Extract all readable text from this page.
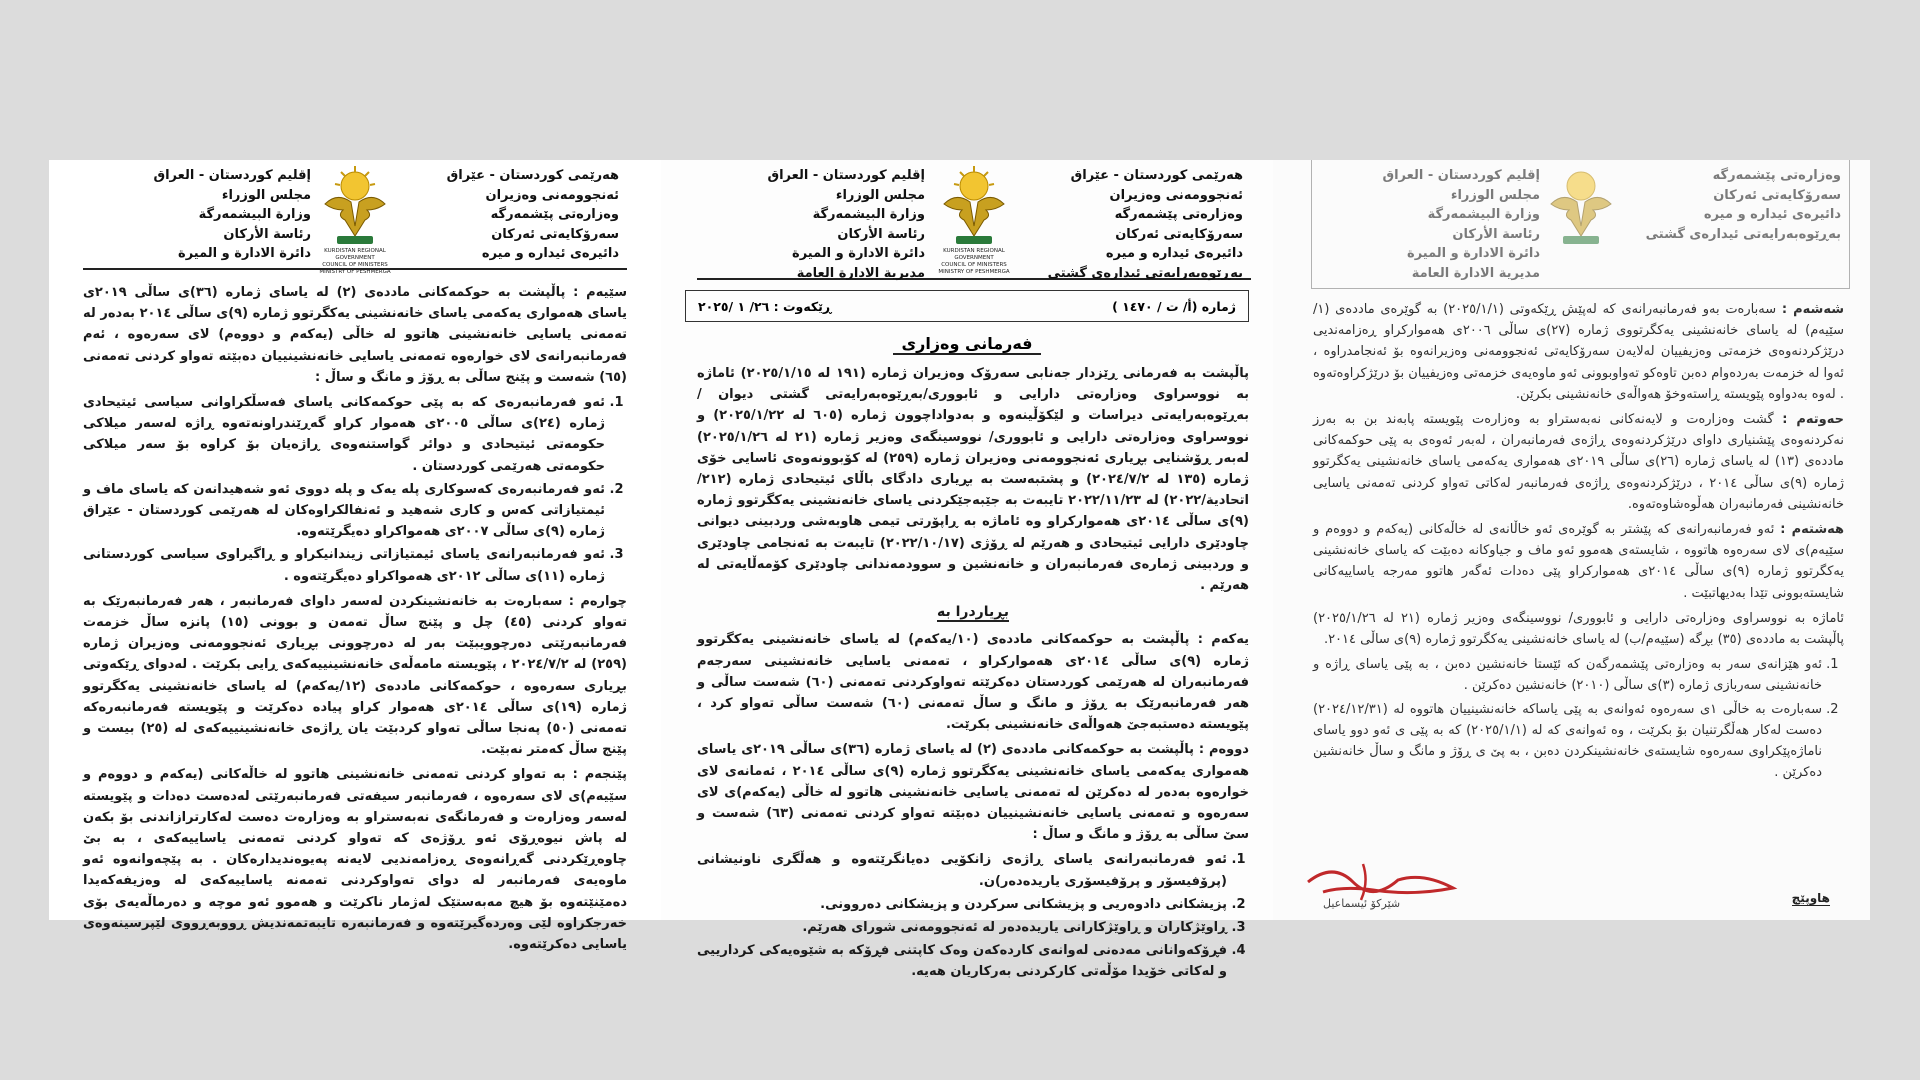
هەرێمی کوردستان - عێراق
ئەنجوومەنی وەزیران
وەزارەتی پێشمەرگە
سەرۆکایەتی ئەرکان
دائیرەی ئیدارە و میرە
KURDISTAN REGIONAL GOVERNMENT
COUNCIL OF MINISTERS
MINISTRY OF PESHMERGA
إقليم كوردستان - العراق
مجلس الوزراء
وزارة البيشمەرگة
رئاسة الأركان
دائرة الادارة و الميرة

سێیەم : پاڵپشت بە حوکمەکانی ماددەی (٢) لە یاسای ژمارە (٣٦)ی ساڵی ٢٠١٩ی یاسای هەمواری یەکەمی یاسای خانەنشینی یەکگرتوو ژمارە (٩)ی ساڵی ٢٠١٤ بەدەر لە تەمەنی یاسایی خانەنشینی هاتوو لە خاڵی (یەکەم و دووەم) لای سەرەوە ، ئەم فەرمانبەرانەی لای خوارەوە تەمەنی یاسایی خانەنشینییان دەبێتە تەواو کردنی تەمەنی (٦٥) شەست و پێنج ساڵی بە ڕۆژ و مانگ و ساڵ :

1. ئەو فەرمانبەرەی کە بە پێی حوکمەکانی یاسای فەسڵکراوانی سیاسی ئیتیحادی ژمارە (٢٤)ی ساڵی ٢٠٠٥ی هەموار کراو گەڕێندراونەتەوە ڕاژە لەسەر میلاکی حکومەتی ئیتیحادی و دوائر گواستنەوەی ڕاژەیان بۆ کراوە بۆ سەر میلاکی حکومەتی هەرێمی کوردستان .
2. ئەو فەرمانبەرەی کەسوکاری پلە یەک و پلە دووی ئەو شەهیدانەن کە یاسای ماف و ئیمتیازاتی کەس و کاری شەهید و ئەنفالکراوەکان لە هەرێمی کوردستان - عێراق ژمارە (٩)ی ساڵی ٢٠٠٧ی هەمواکراو دەیگرێتەوە.
3. ئەو فەرمانبەرانەی یاسای ئیمتیازاتی زیندانیکراو و ڕاگیراوی سیاسی کوردستانی ژمارە (١١)ی ساڵی ٢٠١٢ی هەمواکراو دەیگرێتەوە .

چوارەم : سەبارەت بە خانەنشینکردن لەسەر داوای فەرمانبەر ، هەر فەرمانبەرێک بە تەواو کردنی (٤٥) چل و پێنج ساڵ تەمەن و بوونی (١٥) پانزە ساڵ خزمەت فەرمانبەرێتی دەرچوویبێت بەر لە دەرچوونی بڕیاری ئەنجوومەنی وەزیران ژمارە (٢٥٩) لە ٢٠٢٤/٧/٢ ، پێویستە مامەڵەی خانەنشینییەکەی ڕایی بکرێت . لەدوای ڕێکەوتی بڕیاری سەرەوە ، حوکمەکانی ماددەی (١٢/یەکەم) لە یاسای خانەنشینی یەکگرتوو ژمارە (١٩)ی ساڵی ٢٠١٤ی هەموار کراو پیادە دەکرێت و پێویستە فەرمانبەرەکە تەمەنی (٥٠) پەنجا ساڵی تەواو کردبێت یان ڕاژەی خانەنشینییەکەی لە (٢٥) بیست و پێنج ساڵ کەمتر نەبێت.

پێنجەم : بە تەواو کردنی تەمەنی خانەنشینی هاتوو لە خاڵەکانی (یەکەم و دووەم و سێیەم)ی لای سەرەوە ، فەرمانبەر سیفەتی فەرمانبەرێتی لەدەست دەدات و پێویستە لەسەر وەزارەت و فەرمانگەی نەبەستراو بە وەزارەت دەست لەکارترازاندنی بۆ بکەن لە پاش نیوەڕۆی ئەو ڕۆژەی کە تەواو کردنی تەمەنی یاساییەکەی ، بە بێ چاوەڕێکردنی گەڕانەوەی ڕەزامەندیی لایەنە پەیوەندیدارەکان . بە پێچەوانەوە ئەو ماوەیەی فەرمانبەر لە دوای تەواوکردنی تەمەنە یاساییەکەی لە وەزیفەکەیدا دەمێنێتەوە بۆ هیچ مەبەستێک لەژمار ناکرێت و هەموو ئەو موچە و دەرماڵەیەی بۆی خەرجکراوە لێی وەردەگیرێتەوە و فەرمانبەرە تایبەتمەندیش ڕووبەڕووی لێپرسینەوەی یاسایی دەکرێتەوە.

هەرێمی کوردستان - عێراق
ئەنجوومەنی وەزیران
وەزارەتی پێشمەرگە
سەرۆکایەتی ئەرکان
دائیرەی ئیدارە و میرە
بەڕێوەبەرایەتی ئیدارەی گشتی
KURDISTAN REGIONAL GOVERNMENT
COUNCIL OF MINISTERS
MINISTRY OF PESHMERGA
إقليم كوردستان - العراق
مجلس الوزراء
وزارة البيشمەرگة
رئاسة الأركان
دائرة الادارة و الميرة
مديرية الادارة العامة
ژمارە (أ/ ت / ١٤٧٠ )
ڕێکەوت : ٢٦/ ١ /٢٠٢٥
فەرمانی وەزاری

پاڵپشت بە فەرمانی ڕێزدار جەنابی سەرۆک وەزیران ژمارە (١٩١ لە ٢٠٢٥/١/١٥) ئاماژە بە نووسراوی وەزارەتی دارایی و ئابووری/بەڕێوەبەرایەتی گشتی دیوان / بەڕێوەبەرایەتی دیراسات و لێکۆڵینەوە و بەدواداچوون ژمارە (٦٠٥ لە ٢٠٢٥/١/٢٢) و نووسراوی وەزارەتی دارایی و ئابووری/ نووسینگەی وەزیر ژمارە (٢١ لە ٢٠٢٥/١/٢٦) لەبەر ڕۆشنایی بڕیاری ئەنجوومەنی وەزیران ژمارە (٢٥٩) لە کۆبوونەوەی ئاسایی خۆی ژمارە (١٣٥ لە ٢٠٢٤/٧/٢) و پشتبەست بە بڕیاری دادگای باڵای ئیتیحادی ژمارە (٢١٢/اتحادية/٢٠٢٢) لە ٢٠٢٢/١١/٢٣ تایبەت بە جێبەجێکردنی یاسای خانەنشینی یەکگرتوو ژمارە (٩)ی ساڵی ٢٠١٤ی هەموارکراو وە ئاماژە بە ڕاپۆرتی تیمی هاوبەشی وردبینی دیوانی چاودێری دارایی ئیتیحادی و هەرێم لە ڕۆژی (٢٠٢٢/١٠/١٧) تایبەت بە ئەنجامی چاودێری و وردبینی ژمارەی فەرمانبەران و خانەنشین و سوودمەندانی چاودێری کۆمەڵایەتی لە هەرێم .

بڕیاردرا بە

یەکەم : پاڵپشت بە حوکمەکانی ماددەی (١٠/یەکەم) لە یاسای خانەنشینی یەکگرتوو ژمارە (٩)ی ساڵی ٢٠١٤ی هەموارکراو ، تەمەنی یاسایی خانەنشینی سەرجەم فەرمانبەران لە هەرێمی کوردستان دەکرێتە تەواوکردنی تەمەنی (٦٠) شەست ساڵی و هەر فەرمانبەرێک بە ڕۆژ و مانگ و ساڵ تەمەنی (٦٠) شەست ساڵی تەواو کرد ، پێویستە دەستبەجێ هەواڵەی خانەنشینی بکرێت.

دووەم : پاڵپشت بە حوکمەکانی ماددەی (٢) لە یاسای ژمارە (٣٦)ی ساڵی ٢٠١٩ی یاسای هەمواری یەکەمی یاسای خانەنشینی یەکگرتوو ژمارە (٩)ی ساڵی ٢٠١٤ ، ئەمانەی لای خوارەوە بەدەر لە دەکرێن لە تەمەنی یاسایی خانەنشینی هاتوو لە خاڵی (یەکەم)ی لای سەرەوە و تەمەنی یاسایی خانەنشینییان دەبێتە تەواو کردنی تەمەنی (٦٣) شەست و سێ ساڵی بە ڕۆژ و مانگ و ساڵ :

1. ئەو فەرمانبەرانەی یاسای ڕاژەی زانکۆیی دەیانگرێتەوە و هەڵگری ناونیشانی (پرۆفیسۆر و پرۆفیسۆری یاریدەدەر)ن.
2. پزیشکانی دادوەریی و پزیشکانی سرکردن و پزیشکانی دەروونی.
3. ڕاوێژکاران و ڕاوێژکارانی یاریدەدەر لە ئەنجوومەنی شورای هەرێم.
4. فڕۆکەوانانی مەدەنی لەوانەی کاردەکەن وەک کاپتنی فڕۆکە بە شێوەیەکی کردارییی و لەکاتی خۆیدا مۆڵەتی کارکردنی بەرکاریان هەیە.
وەزارەتی پێشمەرگە
سەرۆکایەتی ئەرکان
دائیرەی ئیدارە و میرە
بەڕێوەبەرایەتی ئیدارەی گشتی
إقليم كوردستان - العراق
مجلس الوزراء
وزارة البيشمەرگة
رئاسة الأركان
دائرة الادارة و الميرة
مديرية الادارة العامة

شەشەم : سەبارەت بەو فەرمانبەرانەی کە لەپێش ڕێکەوتی (٢٠٢٥/١/١) بە گوێرەی ماددەی (١/سێیەم) لە یاسای خانەنشینی یەکگرتووی ژمارە (٢٧)ی ساڵی ٢٠٠٦ی هەموارکراو ڕەزامەندیی درێژکردنەوەی خزمەتی وەزیفییان لەلایەن سەرۆکایەتی ئەنجوومەنی وەزیرانەوە بۆ ئەنجامدراوە ، ئەوا لە خزمەت بەردەوام دەبن تاوەکو تەواوبوونی ئەو ماوەیەی خزمەتی وەزیفییان بۆ درێژکراوەتەوە . لەوە بەدواوە پێویستە ڕاستەوخۆ هەواڵەی خانەنشینی بکرێن.

حەوتەم : گشت وەزارەت و لایەنەکانی نەبەستراو بە وەزارەت پێویستە پابەند بن بە بەرز نەکردنەوەی پێشنیاری داوای درێژکردنەوەی ڕاژەی فەرمانبەران ، لەبەر ئەوەی بە پێی حوکمەکانی ماددەی (١٣) لە یاسای ژمارە (٢٦)ی ساڵی ٢٠١٩ی هەمواری یەکەمی یاسای خانەنشینی یەکگرتوو ژمارە (٩)ی ساڵی ٢٠١٤ ، درێژکردنەوەی ڕاژەی فەرمانبەر لەکاتی تەواو کردنی تەمەنی یاسایی خانەنشینی فەرمانبەران هەڵوەشاوەتەوە.

هەشتەم : ئەو فەرمانبەرانەی کە پێشتر بە گوێرەی ئەو خاڵانەی لە خاڵەکانی (یەکەم و دووەم و سێیەم)ی لای سەرەوە هاتووە ، شایستەی هەموو ئەو ماف و جیاوکانە دەبێت کە یاسای خانەنشینی یەکگرتوو ژمارە (٩)ی ساڵی ٢٠١٤ی هەموارکراو پێی دەدات ئەگەر هاتوو مەرجە یاساییەکانی شایستەبوونی تێدا بەدیهاتبێت .

ئاماژە بە نووسراوی وەزارەتی دارایی و ئابووری/ نووسینگەی وەزیر ژمارە (٢١ لە ٢٠٢٥/١/٢٦) پاڵپشت بە ماددەی (٣٥) بڕگە (سێیەم/ب) لە یاسای خانەنشینی یەکگرتوو ژمارە (٩)ی ساڵی ٢٠١٤.

1. ئەو هێزانەی سەر بە وەزارەتی پێشمەرگەن کە ئێستا خانەنشین دەبن ، بە پێی یاسای ڕاژە و خانەنشینی سەربازی ژمارە (٣)ی ساڵی (٢٠١٠) خانەنشین دەکرێن .
2. سەبارەت بە خاڵی ١ی سەرەوە ئەوانەی بە پێی یاساکە خانەنشینییان هاتووە لە (٢٠٢٤/١٢/٣١) دەست لەکار هەڵگرتنیان بۆ بکرێت ، وە ئەوانەی کە لە (٢٠٢٥/١/١) کە بە پێی ی ئەو دوو یاسای ناماژەپێکراوی سەرەوە شایستەی خانەنشینکردن دەبن ، بە پێ ی ڕۆژ و مانگ و ساڵ خانەنشین دەکرێن .
شێرکۆ ئیسماعیل	هاوپێچ
